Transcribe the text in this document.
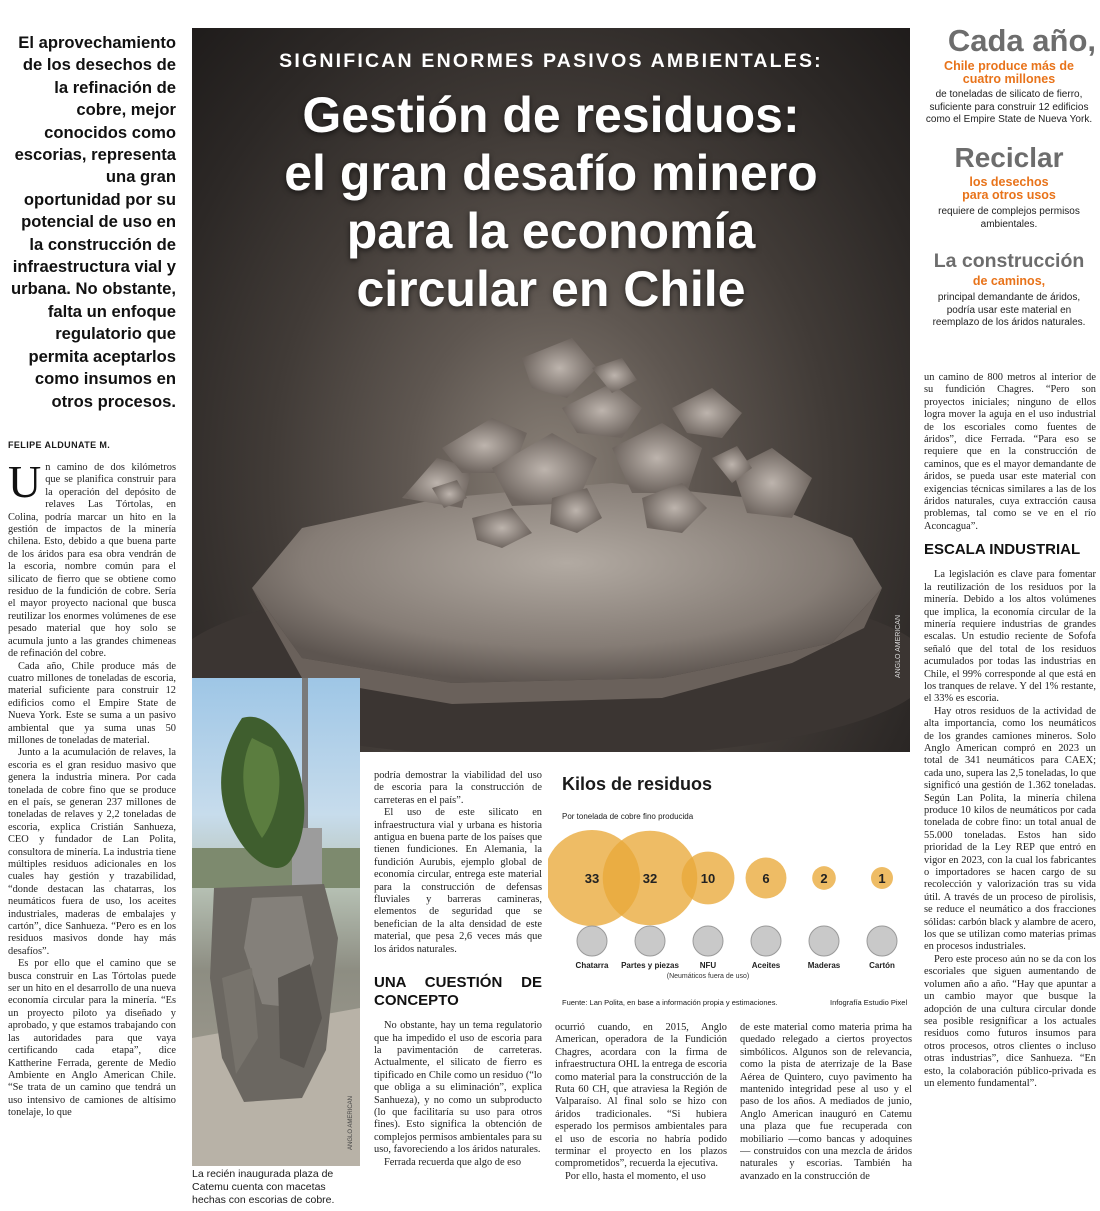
El aprovechamiento de los desechos de la refinación de cobre, mejor conocidos como escorias, representa una gran oportunidad por su potencial de uso en la construcción de infraestructura vial y urbana. No obstante, falta un enfoque regulatorio que permita aceptarlos como insumos en otros procesos.
FELIPE ALDUNATE M.
SIGNIFICAN ENORMES PASIVOS AMBIENTALES:
Gestión de residuos:
el gran desafío minero
para la economía
circular en Chile
ANGLO AMERICAN
Cada año,
Chile produce más de
cuatro millones
de toneladas de silicato de fierro,
suficiente para construir 12 edificios
como el Empire State de Nueva York.
Reciclar
los desechos
para otros usos
requiere de complejos permisos
ambientales.
La construcción
de caminos,
principal demandante de áridos,
podría usar este material en
reemplazo de los áridos naturales.
U n camino de dos kilómetros que se planifica construir para la operación del depósito de relaves Las Tórtolas, en Colina, podría marcar un hito en la gestión de impactos de la minería chilena. Esto, debido a que buena parte de los áridos para esa obra vendrán de la escoria, nombre común para el silicato de fierro que se obtiene como residuo de la fundición de cobre. Sería el mayor proyecto nacional que busca reutilizar los enormes volúmenes de ese pesado material que hoy solo se acumula junto a las grandes chimeneas de refinación del cobre.

Cada año, Chile produce más de cuatro millones de toneladas de escoria, material suficiente para construir 12 edificios como el Empire State de Nueva York. Este se suma a un pasivo ambiental que ya suma unas 50 millones de toneladas de material.

Junto a la acumulación de relaves, la escoria es el gran residuo masivo que genera la industria minera. Por cada tonelada de cobre fino que se produce en el país, se generan 237 millones de toneladas de relaves y 2,2 toneladas de escoria, explica Cristián Sanhueza, CEO y fundador de Lan Polita, consultora de minería. La industria tiene múltiples residuos adicionales en los cuales hay gestión y trazabilidad, “donde destacan las chatarras, los neumáticos fuera de uso, los aceites industriales, maderas de embalajes y cartón”, dice Sanhueza. “Pero es en los residuos masivos donde hay más desafíos”.

Es por ello que el camino que se busca construir en Las Tórtolas puede ser un hito en el desarrollo de una nueva economía circular para la minería. “Es un proyecto piloto ya diseñado y aprobado, y que estamos trabajando con las autoridades para que vaya certificando cada etapa”, dice Kattherine Ferrada, gerente de Medio Ambiente en Anglo American Chile. “Se trata de un camino que tendrá un uso intensivo de camiones de altísimo tonelaje, lo que	ANGLO AMERICAN
La recién inaugurada plaza de Catemu cuenta con macetas hechas con escorias de cobre.

podría demostrar la viabilidad del uso de escoria para la construcción de carreteras en el país”.

El uso de este silicato en infraestructura vial y urbana es historia antigua en buena parte de los países que tienen fundiciones. En Alemania, la fundición Aurubis, ejemplo global de economía circular, entrega este material para la construcción de defensas fluviales y barreras camineras, elementos de seguridad que se benefician de la alta densidad de este material, que pesa 2,6 veces más que los áridos naturales.

UNA CUESTIÓN DE CONCEPTO

No obstante, hay un tema regulatorio que ha impedido el uso de escoria para la pavimentación de carreteras. Actualmente, el silicato de fierro es tipificado en Chile como un residuo (“lo que obliga a su eliminación”, explica Sanhueza), y no como un subproducto (lo que facilitaría su uso para otros fines). Esto significa la obtención de complejos permisos ambientales para su uso, favoreciendo a los áridos naturales.

Ferrada recuerda que algo de eso

Kilos de residuos
Por tonelada de cobre fino producida
33
Chatarra
32
Partes y piezas
10
NFU
(Neumáticos fuera de uso)
6
Aceites
2
Maderas
1
Cartón
Fuente: Lan Polita, en base a información propia y estimaciones.	Infografía Estudio Pixel

ocurrió cuando, en 2015, Anglo American, operadora de la Fundición Chagres, acordara con la firma de infraestructura OHL la entrega de escoria como material para la construcción de la Ruta 60 CH, que atraviesa la Región de Valparaíso. Al final solo se hizo con áridos tradicionales. “Si hubiera esperado los permisos ambientales para el uso de escoria no habría podido terminar el proyecto en los plazos comprometidos”, recuerda la ejecutiva.

Por ello, hasta el momento, el uso

de este material como materia prima ha quedado relegado a ciertos proyectos simbólicos. Algunos son de relevancia, como la pista de aterrizaje de la Base Aérea de Quintero, cuyo pavimento ha mantenido integridad pese al uso y el paso de los años. A mediados de junio, Anglo American inauguró en Catemu una plaza que fue recuperada con mobiliario —como bancas y adoquines— construidos con una mezcla de áridos naturales y escorias. También ha avanzado en la construcción de

un camino de 800 metros al interior de su fundición Chagres. “Pero son proyectos iniciales; ninguno de ellos logra mover la aguja en el uso industrial de los escoriales como fuentes de áridos”, dice Ferrada. “Para eso se requiere que en la construcción de caminos, que es el mayor demandante de áridos, se pueda usar este material con exigencias técnicas similares a las de los áridos naturales, cuya extracción causa problemas, tal como se ve en el río Aconcagua”.

ESCALA INDUSTRIAL

La legislación es clave para fomentar la reutilización de los residuos por la minería. Debido a los altos volúmenes que implica, la economía circular de la minería requiere industrias de grandes escalas. Un estudio reciente de Sofofa señaló que del total de los residuos acumulados por todas las industrias en Chile, el 99% corresponde al que está en los tranques de relave. Y del 1% restante, el 33% es escoria.

Hay otros residuos de la actividad de alta importancia, como los neumáticos de los grandes camiones mineros. Solo Anglo American compró en 2023 un total de 341 neumáticos para CAEX; cada uno, supera las 2,5 toneladas, lo que significó una gestión de 1.362 toneladas. Según Lan Polita, la minería chilena produce 10 kilos de neumáticos por cada tonelada de cobre fino: un total anual de 55.000 toneladas. Estos han sido prioridad de la Ley REP que entró en vigor en 2023, con la cual los fabricantes o importadores se hacen cargo de su recolección y valorización tras su vida útil. A través de un proceso de pirolisis, se reduce el neumático a dos fracciones sólidas: carbón black y alambre de acero, los que se utilizan como materias primas en procesos industriales.

Pero este proceso aún no se da con los escoriales que siguen aumentando de volumen año a año. “Hay que apuntar a un cambio mayor que busque la adopción de una cultura circular donde sea posible resignificar a los actuales residuos como futuros insumos para otros procesos, otros clientes o incluso otras industrias”, dice Sanhueza. “En esto, la colaboración público-privada es un elemento fundamental”.
